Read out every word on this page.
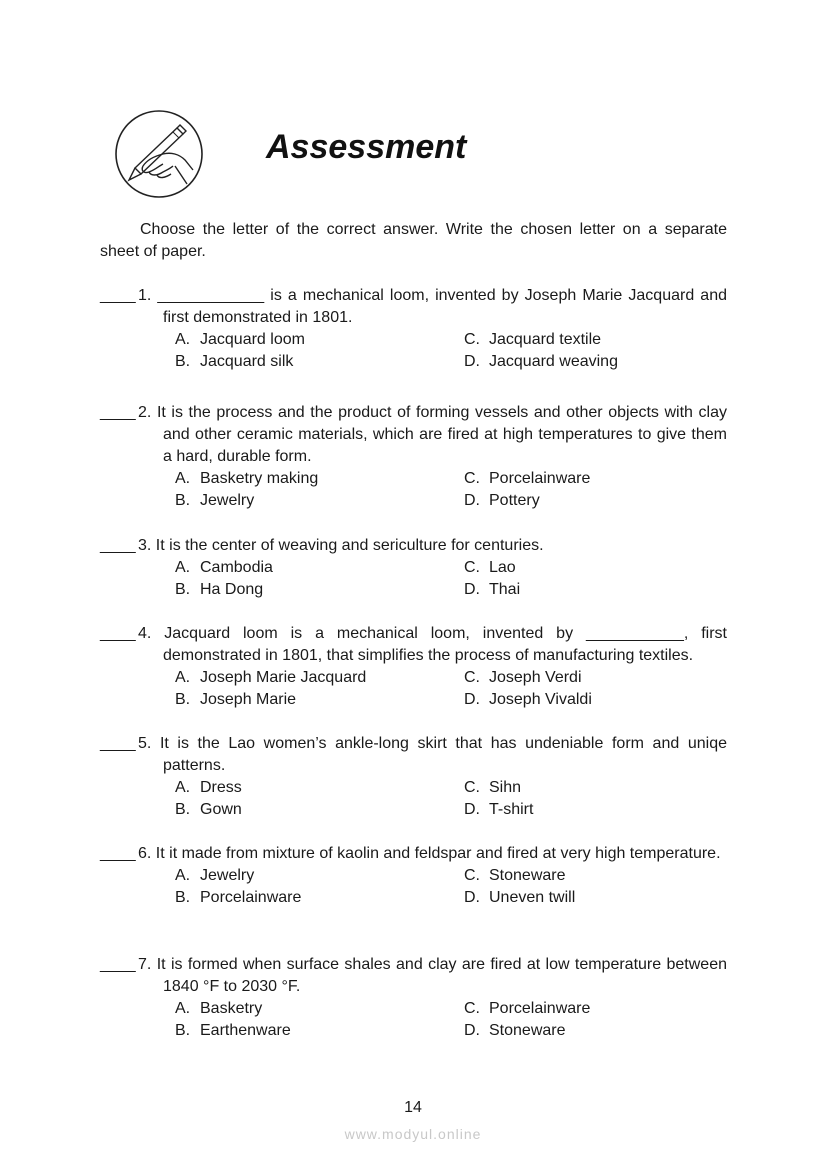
Assessment

Choose the letter of the correct answer. Write the chosen letter on a separate sheet of paper.

____ 1. ____________ is a mechanical loom, invented by Joseph Marie Jacquard and first demonstrated in 1801.

A. Jacquard loom	C. Jacquard textile
B. Jacquard silk	D. Jacquard weaving

____ 2. It is the process and the product of forming vessels and other objects with clay and other ceramic materials, which are fired at high temperatures to give them a hard, durable form.

A. Basketry making	C. Porcelainware
B. Jewelry	D. Pottery

____ 3. It is the center of weaving and sericulture for centuries.

A. Cambodia	C. Lao
B. Ha Dong	D. Thai

____ 4. Jacquard loom is a mechanical loom, invented by ___________, first demonstrated in 1801, that simplifies the process of manufacturing textiles.

A. Joseph Marie Jacquard	C. Joseph Verdi
B. Joseph Marie	D. Joseph Vivaldi

____ 5. It is the Lao women’s ankle-long skirt that has undeniable form and uniqe patterns.

A. Dress	C. Sihn
B. Gown	D. T-shirt

____ 6. It it made from mixture of kaolin and feldspar and fired at very high temperature.

A. Jewelry	C. Stoneware
B. Porcelainware	D. Uneven twill

____ 7. It is formed when surface shales and clay are fired at low temperature between 1840 °F to 2030 °F.

A. Basketry	C. Porcelainware
B. Earthenware	D. Stoneware

14

www.modyul.online
